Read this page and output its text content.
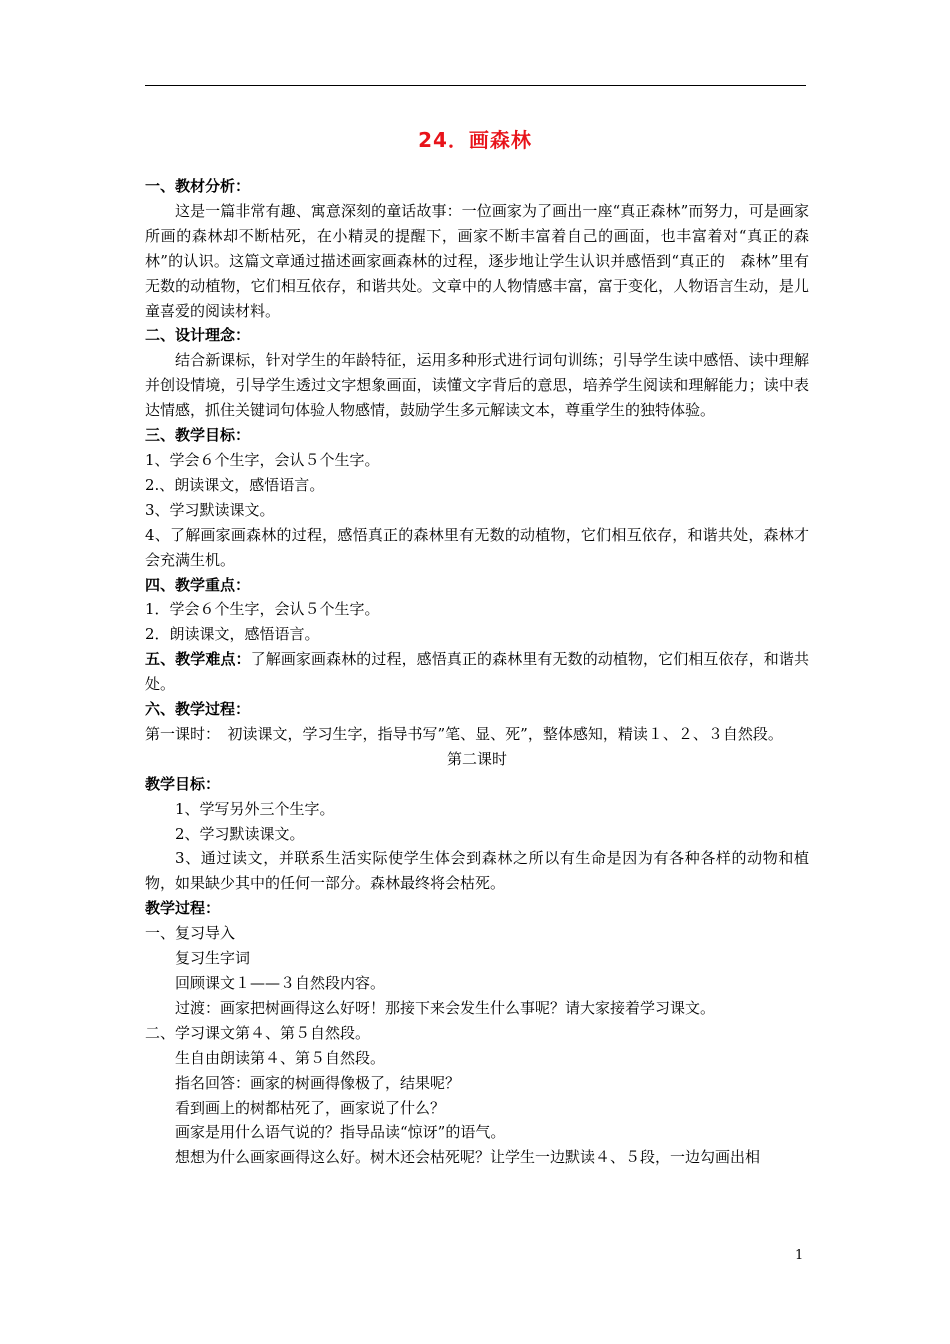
24．画森林

一、教材分析：

这是一篇非常有趣、寓意深刻的童话故事：一位画家为了画出一座“真正森林”而努力，可是画家所画的森林却不断枯死，在小精灵的提醒下，画家不断丰富着自己的画面，也丰富着对“真正的森林”的认识。这篇文章通过描述画家画森林的过程，逐步地让学生认识并感悟到“真正的　森林”里有无数的动植物，它们相互依存，和谐共处。文章中的人物情感丰富，富于变化，人物语言生动，是儿童喜爱的阅读材料。

二、设计理念：

结合新课标，针对学生的年龄特征，运用多种形式进行词句训练；引导学生读中感悟、读中理解并创设情境，引导学生透过文字想象画面，读懂文字背后的意思，培养学生阅读和理解能力；读中表达情感，抓住关键词句体验人物感情，鼓励学生多元解读文本，尊重学生的独特体验。

三、教学目标：

1、学会６个生字，会认５个生字。

2.、朗读课文，感悟语言。

3、学习默读课文。

4、了解画家画森林的过程，感悟真正的森林里有无数的动植物，它们相互依存，和谐共处，森林才会充满生机。

四、教学重点：

1．学会６个生字，会认５个生字。

2．朗读课文，感悟语言。

五、教学难点：了解画家画森林的过程，感悟真正的森林里有无数的动植物，它们相互依存，和谐共处。

六、教学过程：

第一课时：　初读课文，学习生字，指导书写”笔、显、死”，整体感知，精读１、２、３自然段。

第二课时

教学目标：

1、学写另外三个生字。

2、学习默读课文。

3、通过读文，并联系生活实际使学生体会到森林之所以有生命是因为有各种各样的动物和植物，如果缺少其中的任何一部分。森林最终将会枯死。

教学过程：

一、复习导入

复习生字词

回顾课文１——３自然段内容。

过渡：画家把树画得这么好呀！那接下来会发生什么事呢？请大家接着学习课文。

二、学习课文第４、第５自然段。

生自由朗读第４、第５自然段。

指名回答：画家的树画得像极了，结果呢？

看到画上的树都枯死了，画家说了什么？

画家是用什么语气说的？指导品读“惊讶”的语气。

想想为什么画家画得这么好。树木还会枯死呢？让学生一边默读４、５段，一边勾画出相

1
